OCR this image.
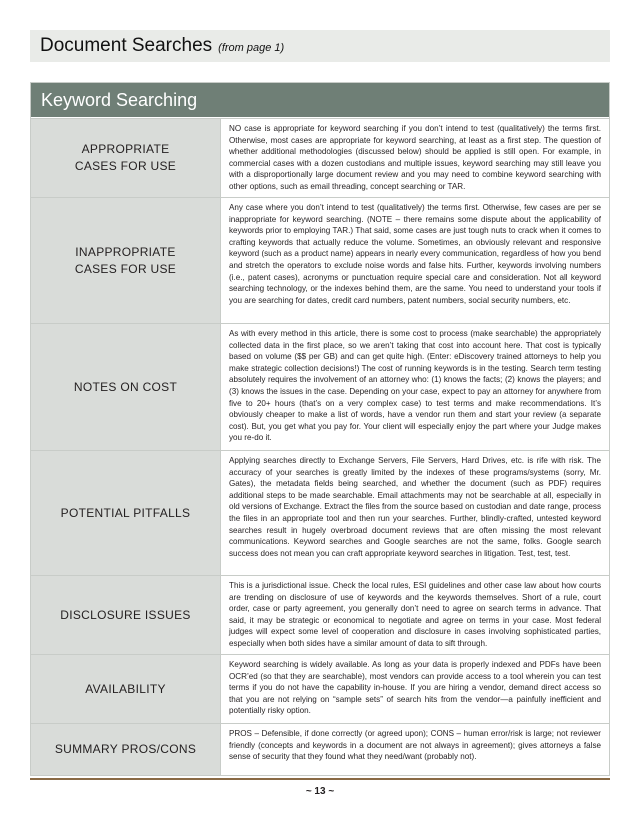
Document Searches (from page 1)
Keyword Searching
APPROPRIATE
CASES FOR USE
NO case is appropriate for keyword searching if you don’t intend to test (qualitatively) the terms first. Otherwise, most cases are appropriate for keyword searching, at least as a first step. The question of whether additional methodologies (discussed below) should be applied is still open. For example, in commercial cases with a dozen custodians and multiple issues, keyword searching may still leave you with a disproportionally large document review and you may need to combine keyword searching with other options, such as email threading, concept searching or TAR.
INAPPROPRIATE
CASES FOR USE
Any case where you don’t intend to test (qualitatively) the terms first. Otherwise, few cases are per se inappropriate for keyword searching. (NOTE – there remains some dispute about the applicability of keywords prior to employing TAR.) That said, some cases are just tough nuts to crack when it comes to crafting keywords that actually reduce the volume. Sometimes, an obviously relevant and responsive keyword (such as a product name) appears in nearly every communication, regardless of how you bend and stretch the operators to exclude noise words and false hits. Further, keywords involving numbers (i.e., patent cases), acronyms or punctuation require special care and consideration. Not all keyword searching technology, or the indexes behind them, are the same. You need to understand your tools if you are searching for dates, credit card numbers, patent numbers, social security numbers, etc.
NOTES ON COST
As with every method in this article, there is some cost to process (make searchable) the appropriately collected data in the first place, so we aren’t taking that cost into account here. That cost is typically based on volume ($$ per GB) and can get quite high. (Enter: eDiscovery trained attorneys to help you make strategic collection decisions!) The cost of running keywords is in the testing. Search term testing absolutely requires the involvement of an attorney who: (1) knows the facts; (2) knows the players; and (3) knows the issues in the case. Depending on your case, expect to pay an attorney for anywhere from five to 20+ hours (that’s on a very complex case) to test terms and make recommendations. It’s obviously cheaper to make a list of words, have a vendor run them and start your review (a separate cost). But, you get what you pay for. Your client will especially enjoy the part where your Judge makes you re-do it.
POTENTIAL PITFALLS
Applying searches directly to Exchange Servers, File Servers, Hard Drives, etc. is rife with risk. The accuracy of your searches is greatly limited by the indexes of these programs/systems (sorry, Mr. Gates), the metadata fields being searched, and whether the document (such as PDF) requires additional steps to be made searchable. Email attachments may not be searchable at all, especially in old versions of Exchange. Extract the files from the source based on custodian and date range, process the files in an appropriate tool and then run your searches. Further, blindly-crafted, untested keyword searches result in hugely overbroad document reviews that are often missing the most relevant communications. Keyword searches and Google searches are not the same, folks. Google search success does not mean you can craft appropriate keyword searches in litigation. Test, test, test.
DISCLOSURE ISSUES
This is a jurisdictional issue. Check the local rules, ESI guidelines and other case law about how courts are trending on disclosure of use of keywords and the keywords themselves. Short of a rule, court order, case or party agreement, you generally don’t need to agree on search terms in advance. That said, it may be strategic or economical to negotiate and agree on terms in your case. Most federal judges will expect some level of cooperation and disclosure in cases involving sophisticated parties, especially when both sides have a similar amount of data to sift through.
AVAILABILITY
Keyword searching is widely available. As long as your data is properly indexed and PDFs have been OCR’ed (so that they are searchable), most vendors can provide access to a tool wherein you can test terms if you do not have the capability in-house. If you are hiring a vendor, demand direct access so that you are not relying on “sample sets” of search hits from the vendor—a painfully inefficient and potentially risky option.
SUMMARY PROS/CONS
PROS – Defensible, if done correctly (or agreed upon); CONS – human error/risk is large; not reviewer friendly (concepts and keywords in a document are not always in agreement); gives attorneys a false sense of security that they found what they need/want (probably not).
~ 13 ~
